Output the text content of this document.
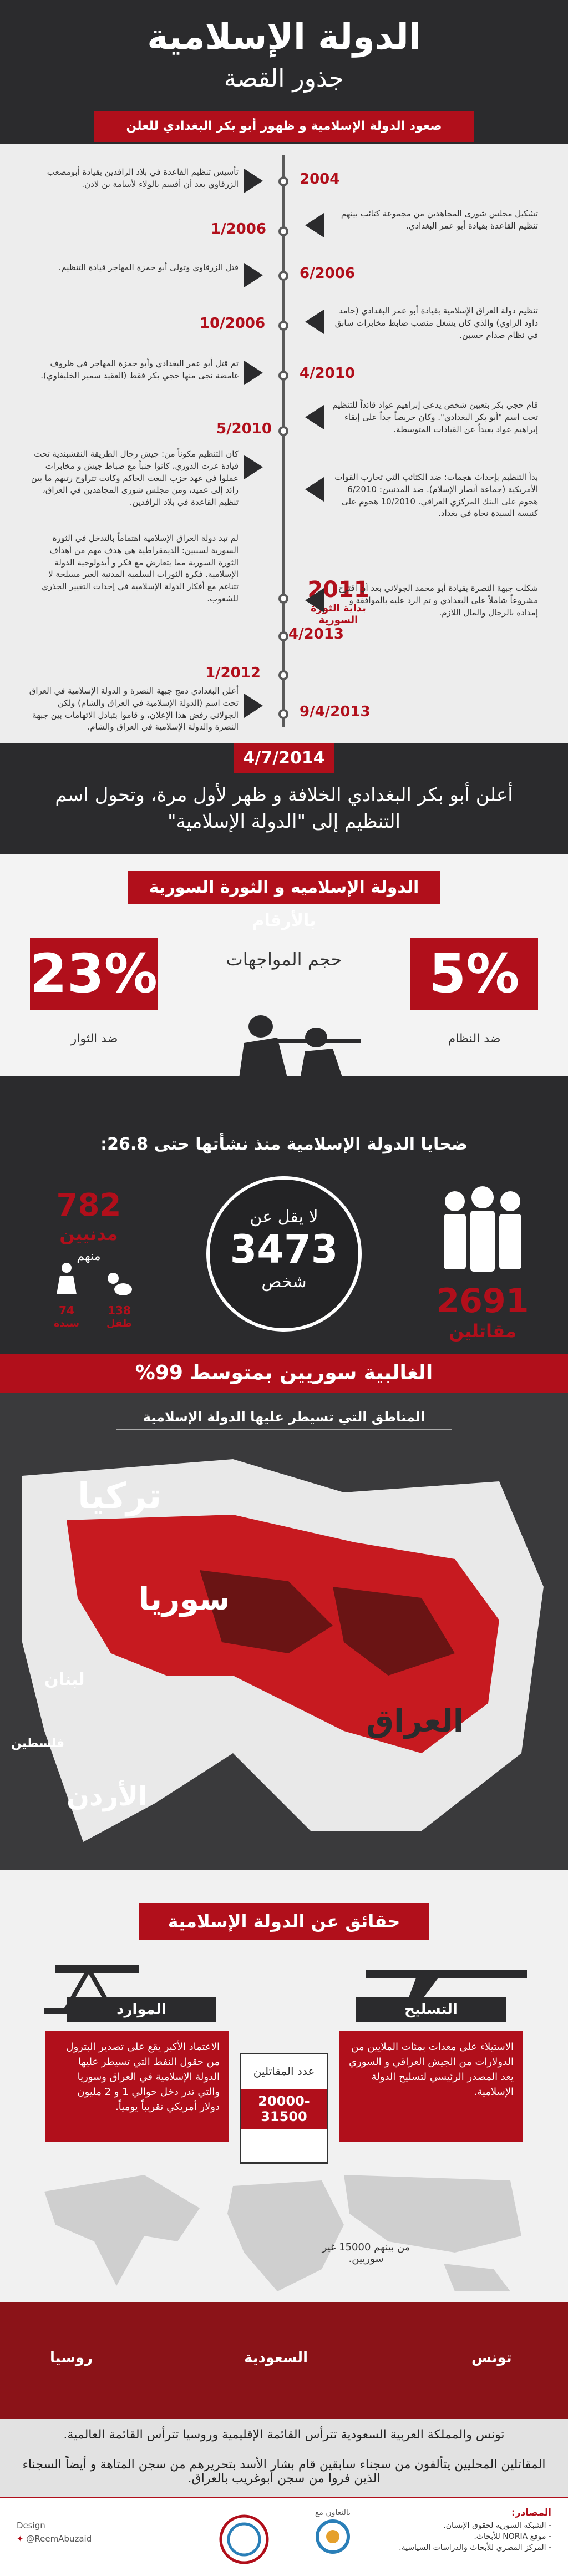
الدولة الإسلامية
جذور القصة
صعود الدولة الإسلامية و ظهور أبو بكر البغدادي للعلن
2004
تأسيس تنظيم القاعدة في بلاد الرافدين بقيادة أبومصعب الزرقاوي بعد أن أقسم بالولاء لأسامة بن لادن.
1/2006
تشكيل مجلس شورى المجاهدين من مجموعة كتائب بينهم تنظيم القاعدة بقيادة أبو عمر البغدادي.
6/2006
قتل الزرقاوي وتولى أبو حمزة المهاجر قيادة التنظيم.
10/2006
تنظيم دولة العراق الإسلامية بقيادة أبو عمر البغدادي (حامد داود الزاوي) والذي كان يشغل منصب ضابط مخابرات سابق في نظام صدام حسين.
4/2010
تم قتل أبو عمر البغدادي وأبو حمزة المهاجر في ظروف غامضة نجى منها حجي بكر فقط (العقيد سمير الخليفاوي).
5/2010
قام حجي بكر بتعيين شخص يدعى إبراهيم عواد قائداً للتنظيم تحت اسم "أبو بكر البغدادي". وكان حريصاً جداً على إبقاء إبراهيم عواد بعيداً عن القيادات المتوسطة.
كان التنظيم مكوناً من: جيش رجال الطريقة النقشبندية تحت قيادة عزت الدوري، كانوا جنباً مع ضباط جيش و مخابرات عملوا في عهد حزب البعث الحاكم وكانت تتراوح رتبهم ما بين رائد إلى عميد، ومن مجلس شورى المجاهدين في العراق، تنظيم القاعدة في بلاد الرافدين.
بدأ التنظيم بإحداث هجمات: ضد الكتائب التي تحارب القوات الأمريكية (جماعة أنصار الإسلام). ضد المدنيين: 6/2010 هجوم على البنك المركزي العراقي. 10/2010 هجوم على كنيسة السيدة نجاة في بغداد.
لم تبد دولة العراق الإسلامية اهتماماً بالتدخل في الثورة السورية لسببين: الديمقراطية هي هدف مهم من أهداف الثورة السورية مما يتعارض مع فكر و أيدولوجية الدولة الإسلامية. فكرة الثورات السلمية المدنية الغير مسلحة لا تتناغم مع أفكار الدولة الإسلامية في إحداث التغيير الجذري للشعوب.	2011
بداية الثورة السورية
4/2013
شكلت جبهة النصرة بقيادة أبو محمد الجولاني بعد أن اقترح مشروعاً شاملاً على البغدادي و تم الرد عليه بالموافقة و إمداده بالرجال والمال اللازم.
1/2012
أعلن البغدادي دمج جبهة النصرة و الدولة الإسلامية في العراق تحت اسم (الدولة الإسلامية في العراق والشام) ولكن الجولاني رفض هذا الإعلان، و قاموا بتبادل الاتهامات بين جبهة النصرة والدولة الإسلامية في العراق والشام.
9/4/2013
4/7/2014
أعلن أبو بكر البغدادي الخلافة و ظهر لأول مرة، وتحول اسم التنظيم إلى "الدولة الإسلامية"
الدولة الإسلاميه و الثورة السورية بالأرقام
حجم المواجهات	5%
ضد النظام
23%
ضد الثوار
ضحايا الدولة الإسلامية منذ نشأتها حتى 26.8:
لا يقل عن
3473
شخص
782
مدنيين
منهم
74
سيدة
138
طفل
2691
مقاتلين
الغالبية سوريين بمتوسط 99%
المناطق التي تسيطر عليها الدولة الإسلامية
تركيا
سوريا
لبنان
فلسطين
الأردن
العراق
حقائق عن الدولة الإسلامية
التسليح
الاستيلاء على معدات بمئات الملايين من الدولارات من الجيش العراقي و السوري يعد المصدر الرئيسي لتسليح الدولة الإسلامية.
الموارد
الاعتماد الأكبر يقع على تصدير البترول من حقول النفط التي تسيطر عليها الدولة الإسلامية في العراق وسوريا والتي تدر دخل حوالي 1 و 2 مليون دولار أمريكي تقريباً يومياً.
عدد المقاتلين
20000-31500
من بينهم 15000 غير سوريين.
تونس
السعودية
روسيا

تونس والمملكة العربية السعودية تترأس القائمة الإقليمية وروسيا تترأس القائمة العالمية.

المقاتلين المحليين يتألفون من سجناء سابقين قام بشار الأسد بتحريرهم من سجن المتاهة و أيضاً السجناء الذين فروا من سجن أبوغريب بالعراق.

المصادر:
- الشبكة السورية لحقوق الإنسان.
- موقع NORIA للأبحاث.
- المركز المصري للأبحاث والدراسات السياسية.
بالتعاون مع
Design
✦ @ReemAbuzaid
